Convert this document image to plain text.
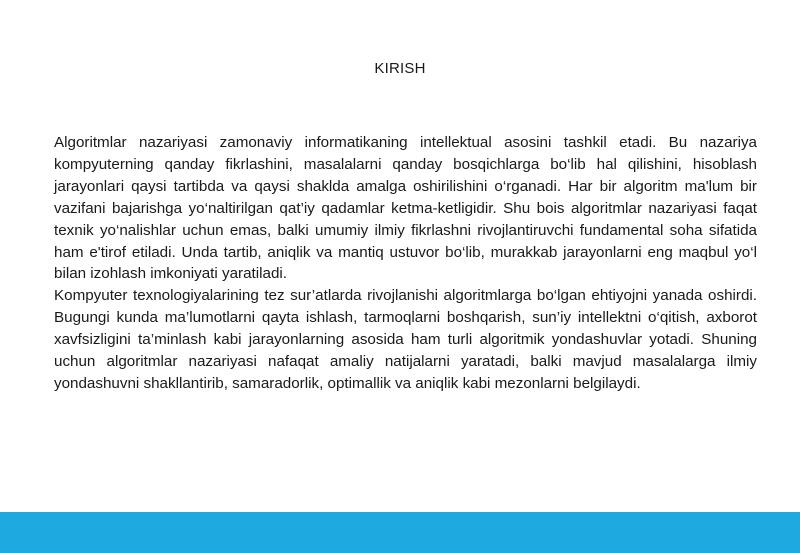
KIRISH

Algoritmlar nazariyasi zamonaviy informatikaning intellektual asosini tashkil etadi. Bu nazariya kompyuterning qanday fikrlashini, masalalarni qanday bosqichlarga bo‘lib hal qilishini, hisoblash jarayonlari qaysi tartibda va qaysi shaklda amalga oshirilishini o‘rganadi. Har bir algoritm ma'lum bir vazifani bajarishga yo‘naltirilgan qat’iy qadamlar ketma-ketligidir. Shu bois algoritmlar nazariyasi faqat texnik yo‘nalishlar uchun emas, balki umumiy ilmiy fikrlashni rivojlantiruvchi fundamental soha sifatida ham e'tirof etiladi. Unda tartib, aniqlik va mantiq ustuvor bo‘lib, murakkab jarayonlarni eng maqbul yo‘l bilan izohlash imkoniyati yaratiladi.

Kompyuter texnologiyalarining tez sur’atlarda rivojlanishi algoritmlarga bo‘lgan ehtiyojni yanada oshirdi. Bugungi kunda ma’lumotlarni qayta ishlash, tarmoqlarni boshqarish, sun’iy intellektni o‘qitish, axborot xavfsizligini ta’minlash kabi jarayonlarning asosida ham turli algoritmik yondashuvlar yotadi. Shuning uchun algoritmlar nazariyasi nafaqat amaliy natijalarni yaratadi, balki mavjud masalalarga ilmiy yondashuvni shakllantirib, samaradorlik, optimallik va aniqlik kabi mezonlarni belgilaydi.
